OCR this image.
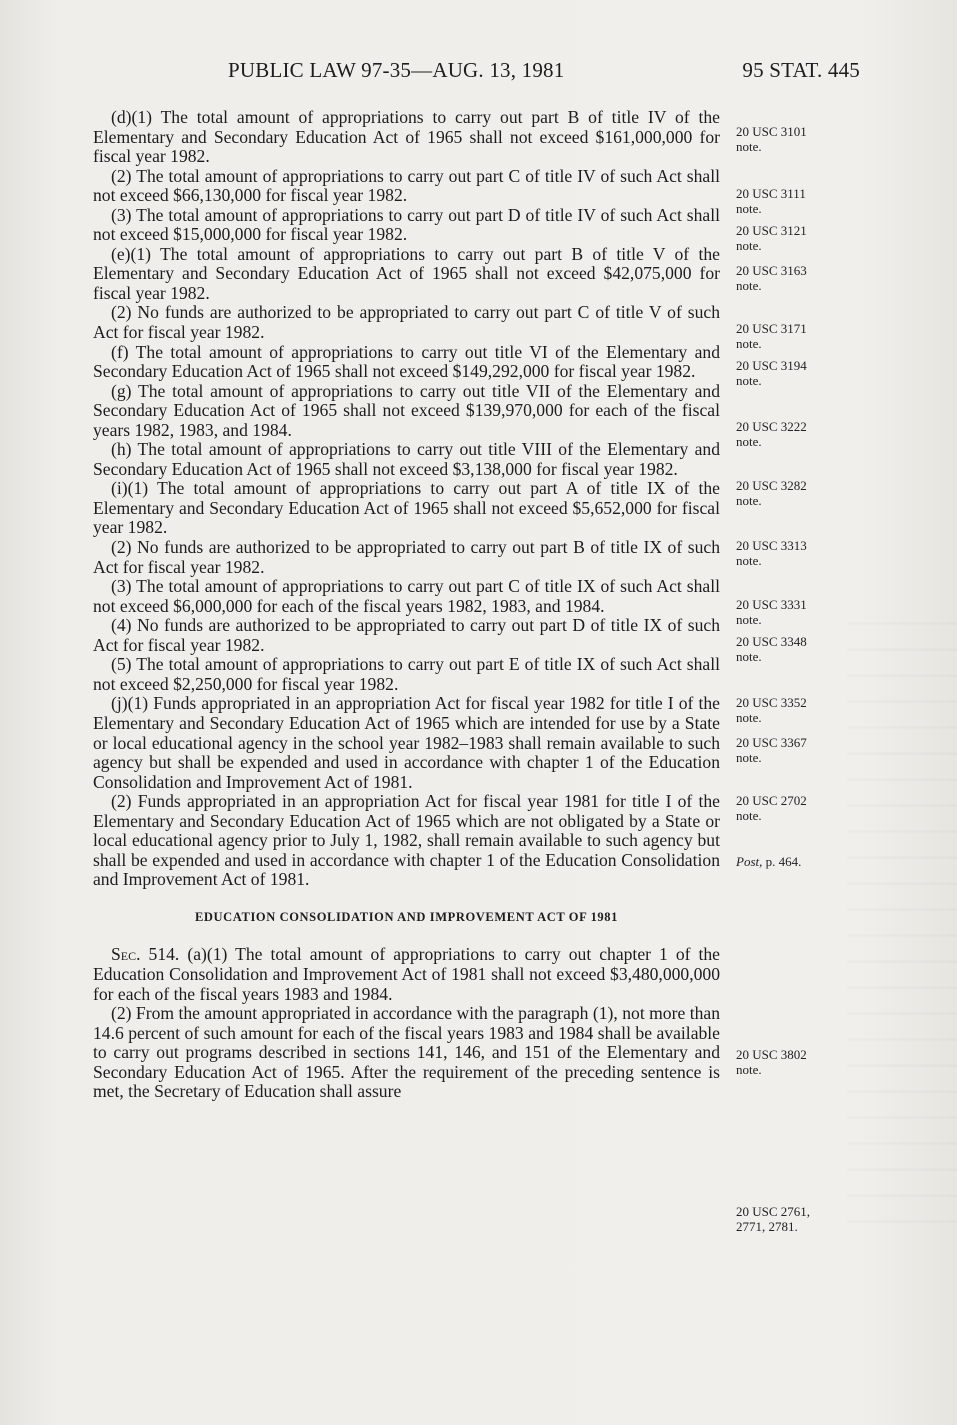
PUBLIC LAW 97-35—AUG. 13, 1981	95 STAT. 445

(d)(1) The total amount of appropriations to carry out part B of title IV of the Elementary and Secondary Education Act of 1965 shall not exceed $161,000,000 for fiscal year 1982.

(2) The total amount of appropriations to carry out part C of title IV of such Act shall not exceed $66,130,000 for fiscal year 1982.

(3) The total amount of appropriations to carry out part D of title IV of such Act shall not exceed $15,000,000 for fiscal year 1982.

(e)(1) The total amount of appropriations to carry out part B of title V of the Elementary and Secondary Education Act of 1965 shall not exceed $42,075,000 for fiscal year 1982.

(2) No funds are authorized to be appropriated to carry out part C of title V of such Act for fiscal year 1982.

(f) The total amount of appropriations to carry out title VI of the Elementary and Secondary Education Act of 1965 shall not exceed $149,292,000 for fiscal year 1982.

(g) The total amount of appropriations to carry out title VII of the Elementary and Secondary Education Act of 1965 shall not exceed $139,970,000 for each of the fiscal years 1982, 1983, and 1984.

(h) The total amount of appropriations to carry out title VIII of the Elementary and Secondary Education Act of 1965 shall not exceed $3,138,000 for fiscal year 1982.

(i)(1) The total amount of appropriations to carry out part A of title IX of the Elementary and Secondary Education Act of 1965 shall not exceed $5,652,000 for fiscal year 1982.

(2) No funds are authorized to be appropriated to carry out part B of title IX of such Act for fiscal year 1982.

(3) The total amount of appropriations to carry out part C of title IX of such Act shall not exceed $6,000,000 for each of the fiscal years 1982, 1983, and 1984.

(4) No funds are authorized to be appropriated to carry out part D of title IX of such Act for fiscal year 1982.

(5) The total amount of appropriations to carry out part E of title IX of such Act shall not exceed $2,250,000 for fiscal year 1982.

(j)(1) Funds appropriated in an appropriation Act for fiscal year 1982 for title I of the Elementary and Secondary Education Act of 1965 which are intended for use by a State or local educational agency in the school year 1982–1983 shall remain available to such agency but shall be expended and used in accordance with chapter 1 of the Education Consolidation and Improvement Act of 1981.

(2) Funds appropriated in an appropriation Act for fiscal year 1981 for title I of the Elementary and Secondary Education Act of 1965 which are not obligated by a State or local educational agency prior to July 1, 1982, shall remain available to such agency but shall be expended and used in accordance with chapter 1 of the Education Consolidation and Improvement Act of 1981.

EDUCATION CONSOLIDATION AND IMPROVEMENT ACT OF 1981

Sec. 514. (a)(1) The total amount of appropriations to carry out chapter 1 of the Education Consolidation and Improvement Act of 1981 shall not exceed $3,480,000,000 for each of the fiscal years 1983 and 1984.

(2) From the amount appropriated in accordance with the paragraph (1), not more than 14.6 percent of such amount for each of the fiscal years 1983 and 1984 shall be available to carry out programs described in sections 141, 146, and 151 of the Elementary and Secondary Education Act of 1965. After the requirement of the preceding sentence is met, the Secretary of Education shall assure

20 USC 3101
note.
20 USC 3111
note.
20 USC 3121
note.
20 USC 3163
note.
20 USC 3171
note.
20 USC 3194
note.
20 USC 3222
note.
20 USC 3282
note.
20 USC 3313
note.
20 USC 3331
note.
20 USC 3348
note.
20 USC 3352
note.
20 USC 3367
note.
20 USC 2702
note.
Post, p. 464.
20 USC 3802
note.
20 USC 2761,
2771, 2781.
